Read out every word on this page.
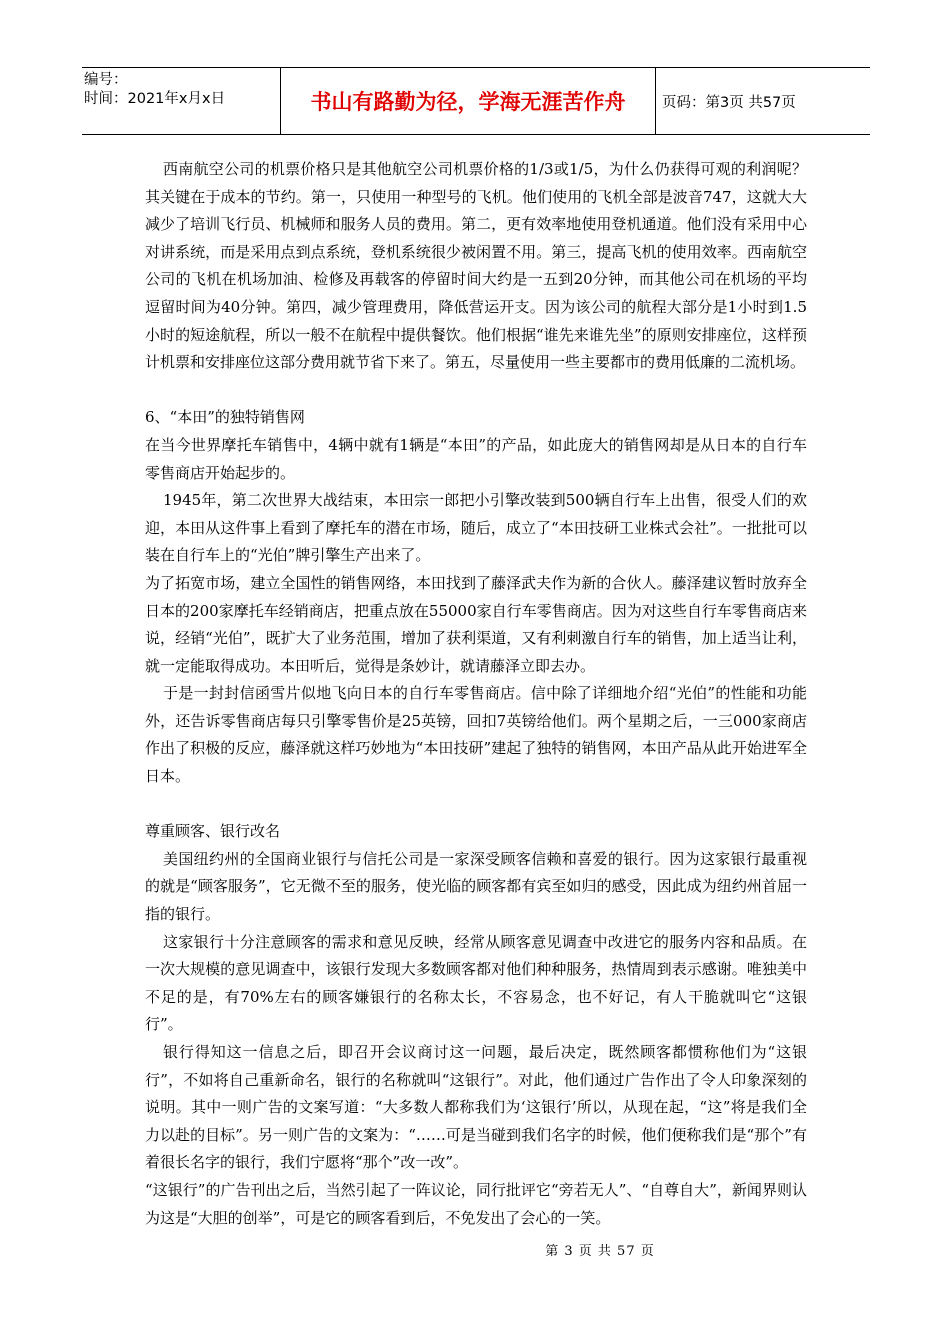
编号：
时间：2021年x月x日	书山有路勤为径，学海无涯苦作舟	页码：第3页 共57页

西南航空公司的机票价格只是其他航空公司机票价格的1/3或1/5，为什么仍获得可观的利润呢？其关键在于成本的节约。第一，只使用一种型号的飞机。他们使用的飞机全部是波音747，这就大大减少了培训飞行员、机械师和服务人员的费用。第二，更有效率地使用登机通道。他们没有采用中心对讲系统，而是采用点到点系统，登机系统很少被闲置不用。第三，提高飞机的使用效率。西南航空公司的飞机在机场加油、检修及再载客的停留时间大约是一五到20分钟，而其他公司在机场的平均逗留时间为40分钟。第四，减少管理费用，降低营运开支。因为该公司的航程大部分是1小时到1.5小时的短途航程，所以一般不在航程中提供餐饮。他们根据“谁先来谁先坐”的原则安排座位，这样预计机票和安排座位这部分费用就节省下来了。第五，尽量使用一些主要都市的费用低廉的二流机场。

6、“本田”的独特销售网

在当今世界摩托车销售中，4辆中就有1辆是“本田”的产品，如此庞大的销售网却是从日本的自行车零售商店开始起步的。

1945年，第二次世界大战结束，本田宗一郎把小引擎改装到500辆自行车上出售，很受人们的欢迎，本田从这件事上看到了摩托车的潜在市场，随后，成立了“本田技研工业株式会社”。一批批可以装在自行车上的“光伯”牌引擎生产出来了。

为了拓宽市场，建立全国性的销售网络，本田找到了藤泽武夫作为新的合伙人。藤泽建议暂时放弃全日本的200家摩托车经销商店，把重点放在55000家自行车零售商店。因为对这些自行车零售商店来说，经销“光伯”，既扩大了业务范围，增加了获利渠道，又有利刺激自行车的销售，加上适当让利，就一定能取得成功。本田听后，觉得是条妙计，就请藤泽立即去办。

于是一封封信函雪片似地飞向日本的自行车零售商店。信中除了详细地介绍“光伯”的性能和功能外，还告诉零售商店每只引擎零售价是25英镑，回扣7英镑给他们。两个星期之后，一三000家商店作出了积极的反应，藤泽就这样巧妙地为“本田技研”建起了独特的销售网，本田产品从此开始进军全日本。

尊重顾客、银行改名

美国纽约州的全国商业银行与信托公司是一家深受顾客信赖和喜爱的银行。因为这家银行最重视的就是“顾客服务”，它无微不至的服务，使光临的顾客都有宾至如归的感受，因此成为纽约州首屈一指的银行。

这家银行十分注意顾客的需求和意见反映，经常从顾客意见调查中改进它的服务内容和品质。在一次大规模的意见调查中，该银行发现大多数顾客都对他们种种服务，热情周到表示感谢。唯独美中不足的是，有70%左右的顾客嫌银行的名称太长，不容易念，也不好记，有人干脆就叫它“这银行”。

银行得知这一信息之后，即召开会议商讨这一问题，最后决定，既然顾客都惯称他们为“这银行”，不如将自己重新命名，银行的名称就叫“这银行”。对此，他们通过广告作出了令人印象深刻的说明。其中一则广告的文案写道：“大多数人都称我们为‘这银行’所以，从现在起，“这”将是我们全力以赴的目标”。另一则广告的文案为：“……可是当碰到我们名字的时候，他们便称我们是“那个”有着很长名字的银行，我们宁愿将“那个”改一改”。

“这银行”的广告刊出之后，当然引起了一阵议论，同行批评它“旁若无人”、“自尊自大”，新闻界则认为这是“大胆的创举”，可是它的顾客看到后，不免发出了会心的一笑。

第 3 页 共 57 页
